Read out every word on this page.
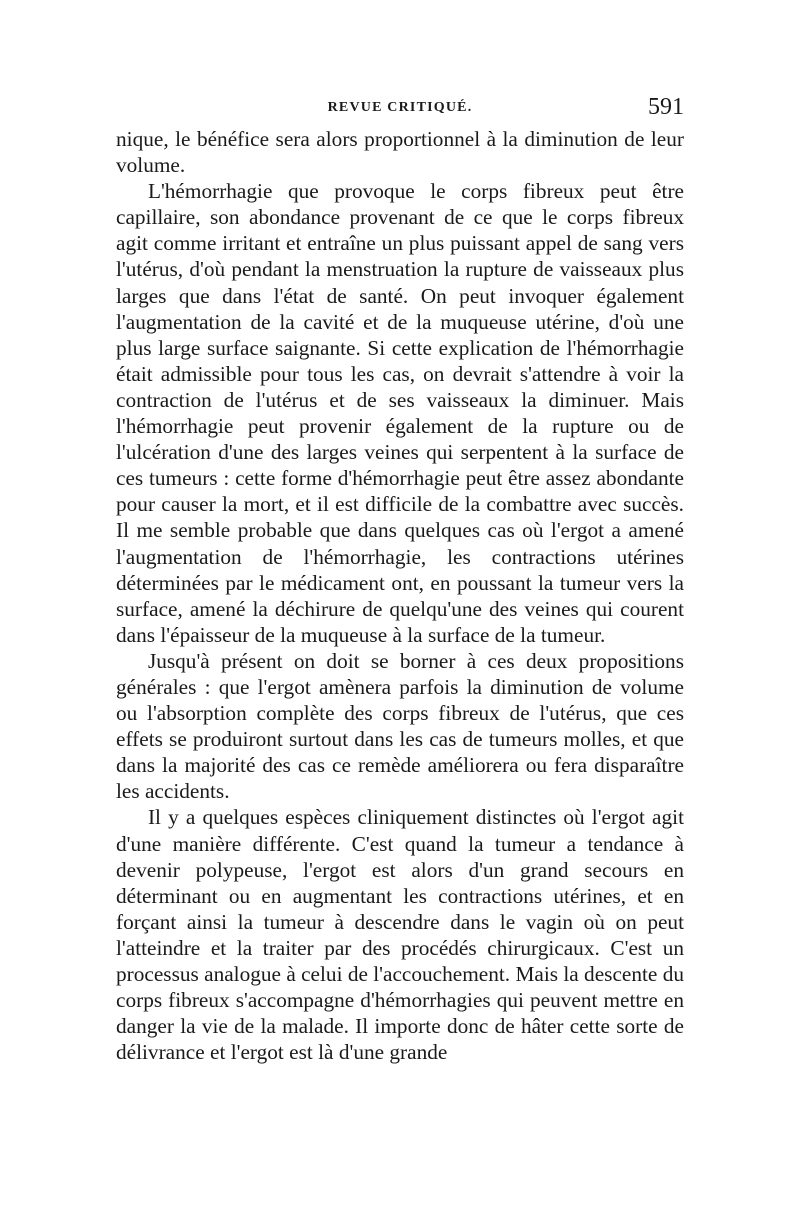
REVUE CRITIQUÉ.	591

nique, le bénéfice sera alors proportionnel à la diminution de leur volume.

L'hémorrhagie que provoque le corps fibreux peut être capillaire, son abondance provenant de ce que le corps fibreux agit comme irritant et entraîne un plus puissant appel de sang vers l'utérus, d'où pendant la menstruation la rupture de vaisseaux plus larges que dans l'état de santé. On peut invoquer également l'augmentation de la cavité et de la muqueuse utérine, d'où une plus large surface saignante. Si cette explication de l'hémorrhagie était admissible pour tous les cas, on devrait s'attendre à voir la contraction de l'utérus et de ses vaisseaux la diminuer. Mais l'hémorrhagie peut provenir également de la rupture ou de l'ulcération d'une des larges veines qui serpentent à la surface de ces tumeurs : cette forme d'hémorrhagie peut être assez abondante pour causer la mort, et il est difficile de la combattre avec succès. Il me semble probable que dans quelques cas où l'ergot a amené l'augmentation de l'hémorrhagie, les contractions utérines déterminées par le médicament ont, en poussant la tumeur vers la surface, amené la déchirure de quelqu'une des veines qui courent dans l'épaisseur de la muqueuse à la surface de la tumeur.

Jusqu'à présent on doit se borner à ces deux propositions générales : que l'ergot amènera parfois la diminution de volume ou l'absorption complète des corps fibreux de l'utérus, que ces effets se produiront surtout dans les cas de tumeurs molles, et que dans la majorité des cas ce remède améliorera ou fera disparaître les accidents.

Il y a quelques espèces cliniquement distinctes où l'ergot agit d'une manière différente. C'est quand la tumeur a tendance à devenir polypeuse, l'ergot est alors d'un grand secours en déterminant ou en augmentant les contractions utérines, et en forçant ainsi la tumeur à descendre dans le vagin où on peut l'atteindre et la traiter par des procédés chirurgicaux. C'est un processus analogue à celui de l'accouchement. Mais la descente du corps fibreux s'accompagne d'hémorrhagies qui peuvent mettre en danger la vie de la malade. Il importe donc de hâter cette sorte de délivrance et l'ergot est là d'une grande
